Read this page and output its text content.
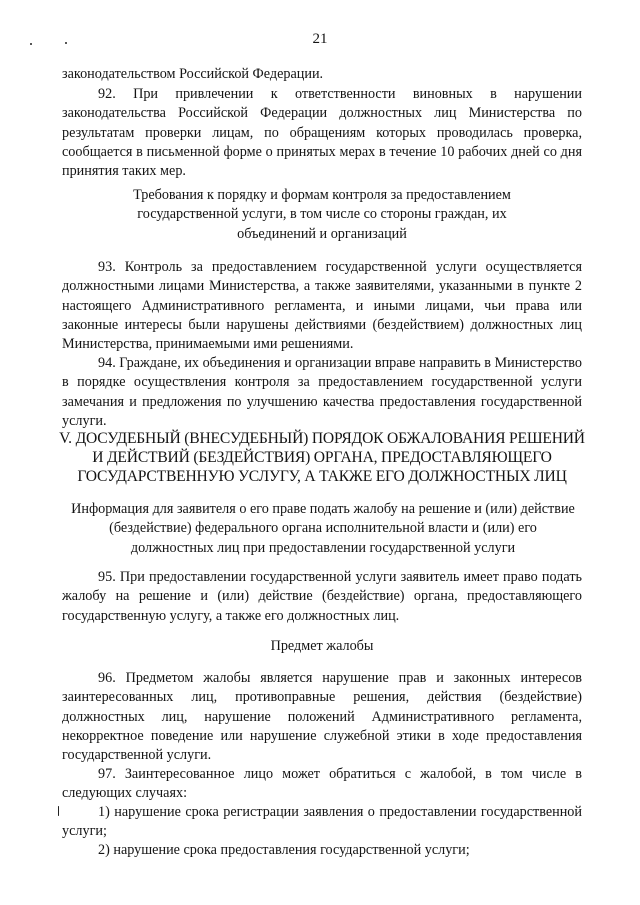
21

законодательством Российской Федерации.

92. При привлечении к ответственности виновных в нарушении законодательства Российской Федерации должностных лиц Министерства по результатам проверки лицам, по обращениям которых проводилась проверка, сообщается в письменной форме о принятых мерах в течение 10 рабочих дней со дня принятия таких мер.

Требования к порядку и формам контроля за предоставлением государственной услуги, в том числе со стороны граждан, их объединений и организаций

93. Контроль за предоставлением государственной услуги осуществляется должностными лицами Министерства, а также заявителями, указанными в пункте 2 настоящего Административного регламента, и иными лицами, чьи права или законные интересы были нарушены действиями (бездействием) должностных лиц Министерства, принимаемыми ими решениями.

94. Граждане, их объединения и организации вправе направить в Министерство в порядке осуществления контроля за предоставлением государственной услуги замечания и предложения по улучшению качества предоставления государственной услуги.

V. ДОСУДЕБНЫЙ (ВНЕСУДЕБНЫЙ) ПОРЯДОК ОБЖАЛОВАНИЯ РЕШЕНИЙ И ДЕЙСТВИЙ (БЕЗДЕЙСТВИЯ) ОРГАНА, ПРЕДОСТАВЛЯЮЩЕГО ГОСУДАРСТВЕННУЮ УСЛУГУ, А ТАКЖЕ ЕГО ДОЛЖНОСТНЫХ ЛИЦ

Информация для заявителя о его праве подать жалобу на решение и (или) действие (бездействие) федерального органа исполнительной власти и (или) его должностных лиц при предоставлении государственной услуги

95. При предоставлении государственной услуги заявитель имеет право подать жалобу на решение и (или) действие (бездействие) органа, предоставляющего государственную услугу, а также его должностных лиц.

Предмет жалобы

96. Предметом жалобы является нарушение прав и законных интересов заинтересованных лиц, противоправные решения, действия (бездействие) должностных лиц, нарушение положений Административного регламента, некорректное поведение или нарушение служебной этики в ходе предоставления государственной услуги.

97. Заинтересованное лицо может обратиться с жалобой, в том числе в следующих случаях:

1) нарушение срока регистрации заявления о предоставлении государственной услуги;

2) нарушение срока предоставления государственной услуги;
